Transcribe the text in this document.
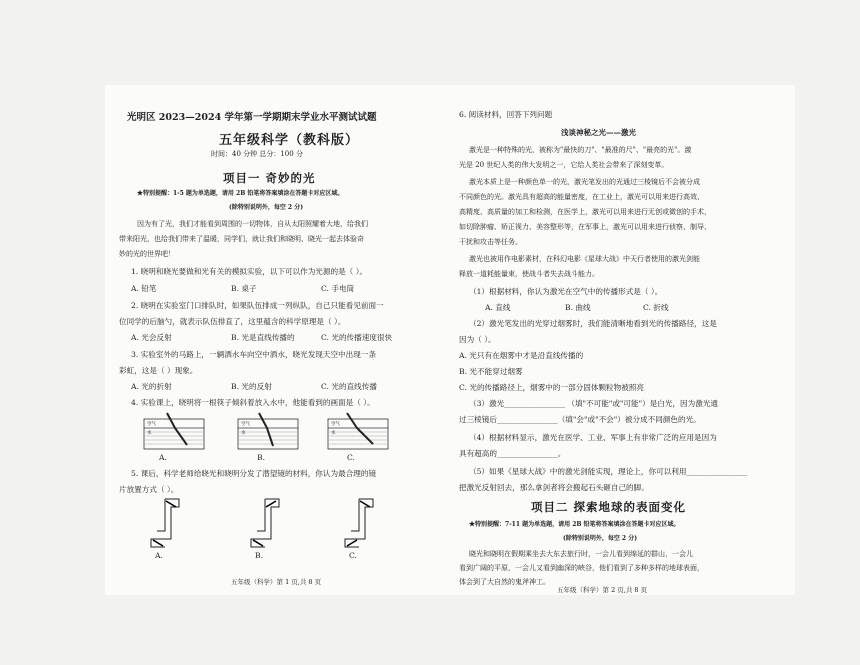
光明区 2023—2024 学年第一学期期末学业水平测试试题
五年级科学（教科版）
时间：40 分钟 总分：100 分
项目一 奇妙的光
★特别提醒：1-5 题为单选题，请用 2B 铅笔将答案填涂在答题卡对应区域。
(除特别说明外，每空 2 分)
因为有了光，我们才能看到周围的一切物体，自从太阳照耀着大地，给我们
带来阳光，也给我们带来了温暖，同学们，就让我们和晓明、晓光一起去体验奇
妙的光的世界吧！
1. 晓明和晓光要做和光有关的模拟实验，以下可以作为光源的是（ ）。
A. 铅笔	B. 桌子	C. 手电筒
2. 晓明在实验室门口排队时，如果队伍排成一列纵队，自己只能看见前面一
位同学的后脑勺，就表示队伍排直了，这里蕴含的科学原理是（ ）。
A. 光会反射	B. 光是直线传播的	C. 光的传播速度很快
3. 实验室外的马路上，一辆洒水车向空中洒水，晓光发现天空中出现一条
彩虹，这是（ ）现象。
A. 光的折射	B. 光的反射	C. 光的直线传播
4. 实验课上，晓明将一根筷子倾斜着放入水中，他能看到的画面是（ ）。
空气
水
空气
水
空气
水
A.	B.	C.
5. 课后，科学老师给晓光和晓明分发了潜望镜的材料，你认为最合理的镜
片放置方式（ ）。
A.	B.	C.
五年级（科学）第 1 页,共 8 页
6. 阅读材料，回答下列问题
浅谈神秘之光——激光
激光是一种特殊的光，被称为"最快的刀"、"最准的尺"、"最亮的光"。激
光是 20 世纪人类的伟大发明之一，它给人类社会带来了深刻变革。
激光本质上是一种颜色单一的光，激光笔发出的光通过三棱镜后不会被分成
不同颜色的光。激光具有超高的能量密度，在工业上，激光可以用来进行高效、
高精度、高质量的加工和检测，在医学上，激光可以用来进行无创或微创的手术，
如切除肿瘤、矫正视力、美容整形等，在军事上，激光可以用来进行侦察、制导、
干扰和攻击等任务。
激光也被用作电影素材，在科幻电影《星球大战》中天行者使用的激光剑能
释放一道耗能量束，使战斗者失去战斗能力。
（1）根据材料，你认为激光在空气中的传播形式是（ ）。
A. 直线	B. 曲线	C. 折线
（2）激光笔发出的光穿过烟雾时，我们能清晰地看到光的传播路径，这是
因为（ ）。
A. 光只有在烟雾中才是沿直线传播的
B. 光不能穿过烟雾
C. 光的传播路径上，烟雾中的一部分固体颗粒物被照亮
（3）激光________________ （填"不可能"或"可能"）是白光，因为激光通
过三棱镜后________________（填"会"或"不会"）被分成不同颜色的光。
（4）根据材料显示，激光在医学、工业、军事上有非常广泛的应用是因为
具有超高的________________。
（5）如果《星球大战》中的激光剑能实现，理论上，你可以利用________________
把激光反射回去，那么拿剑者将会搬起石头砸自己的脚。
项目二 探索地球的表面变化
★特别提醒：7-11 题为单选题，请用 2B 铅笔将答案填涂在答题卡对应区域。
(除特别说明外，每空 2 分)
晓光和晓明在假期乘坐去大东去旅行时，一会儿看到绵延的群山，一会儿
看到广阔的平原，一会儿又看到幽深的峡谷，他们看到了多种多样的地球表面，
体会到了大自然的鬼斧神工。
五年级（科学）第 2 页,共 8 页
